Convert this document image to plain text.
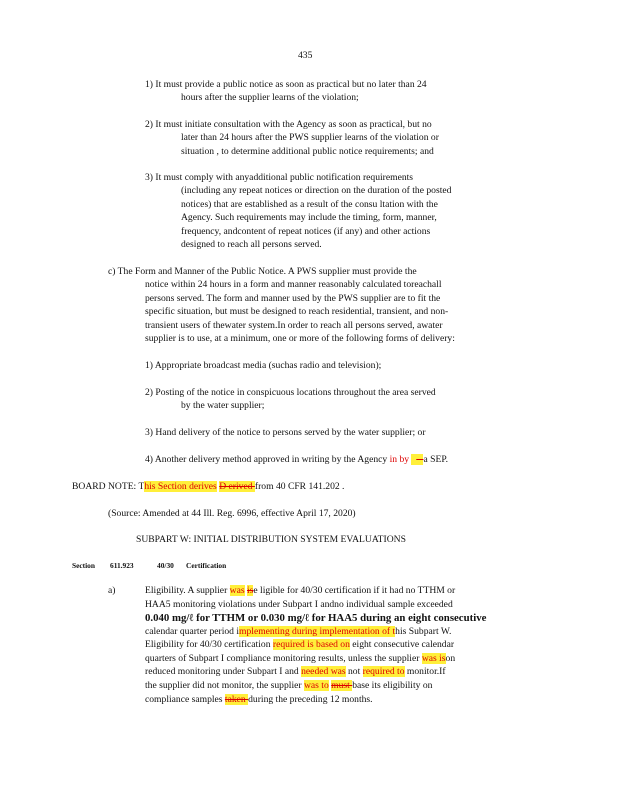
435
1) It must provide a public notice as soon as practical but no later than 24
hours after the supplier learns of the violation;
2) It must initiate consultation with the Agency as soon as practical, but no
later than 24 hours after the PWS supplier learns of the violation or
situation , to determine additional public notice requirements; and
3) It must comply with anyadditional public notification requirements
(including any repeat notices or direction on the duration of the posted
notices) that are established as a result of the consu ltation with the
Agency. Such requirements may include the timing, form, manner,
frequency, andcontent of repeat notices (if any) and other actions
designed to reach all persons served.
c) The Form and Manner of the Public Notice. A PWS supplier must provide the
notice within 24 hours in a form and manner reasonably calculated toreachall
persons served. The form and manner used by the PWS supplier are to fit the
specific situation, but must be designed to reach residential, transient, and non-
transient users of thewater system.In order to reach all persons served, awater
supplier is to use, at a minimum, one or more of the following forms of delivery:
1) Appropriate broadcast media (suchas radio and television);
2) Posting of the notice in conspicuous locations throughout the area served
by the water supplier;
3) Hand delivery of the notice to persons served by the water supplier; or
4) Another delivery method approved in writing by the Agency in by a SEP.
BOARD NOTE: This Section derives D erived from 40 CFR 141.202 .
(Source: Amended at 44 Ill. Reg. 6996, effective April 17, 2020)
SUBPART W: INITIAL DISTRIBUTION SYSTEM EVALUATIONS
Section 611.923	40/30 Certification
a)	Eligibility. A supplier was ise ligible for 40/30 certification if it had no TTHM or
HAA5 monitoring violations under Subpart I andno individual sample exceeded
0.040 mg/ℓ for TTHM or 0.030 mg/ℓ for HAA5 during an eight consecutive
calendar quarter period implementing during implementation of this Subpart W.
Eligibility for 40/30 certification required is based on eight consecutive calendar
quarters of Subpart I compliance monitoring results, unless the supplier was ison
reduced monitoring under Subpart I and needed was not required to monitor.If
the supplier did not monitor, the supplier was to must base its eligibility on
compliance samples taken during the preceding 12 months.
